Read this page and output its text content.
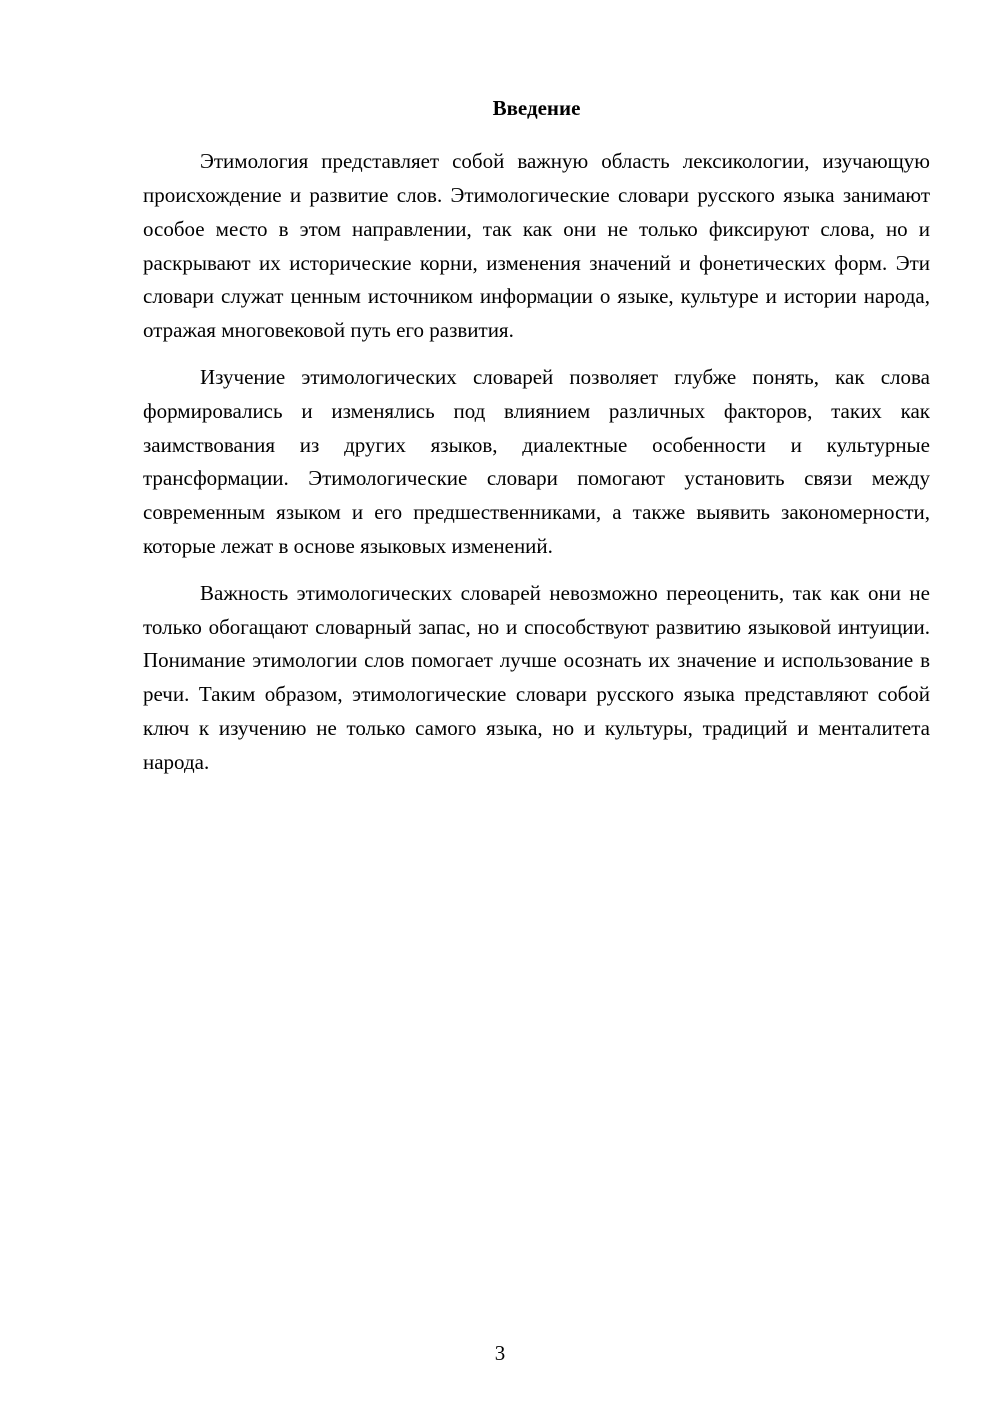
Введение

Этимология представляет собой важную область лексикологии, изучающую происхождение и развитие слов. Этимологические словари русского языка занимают особое место в этом направлении, так как они не только фиксируют слова, но и раскрывают их исторические корни, изменения значений и фонетических форм. Эти словари служат ценным источником информации о языке, культуре и истории народа, отражая многовековой путь его развития.

Изучение этимологических словарей позволяет глубже понять, как слова формировались и изменялись под влиянием различных факторов, таких как заимствования из других языков, диалектные особенности и культурные трансформации. Этимологические словари помогают установить связи между современным языком и его предшественниками, а также выявить закономерности, которые лежат в основе языковых изменений.

Важность этимологических словарей невозможно переоценить, так как они не только обогащают словарный запас, но и способствуют развитию языковой интуиции. Понимание этимологии слов помогает лучше осознать их значение и использование в речи. Таким образом, этимологические словари русского языка представляют собой ключ к изучению не только самого языка, но и культуры, традиций и менталитета народа.

3
